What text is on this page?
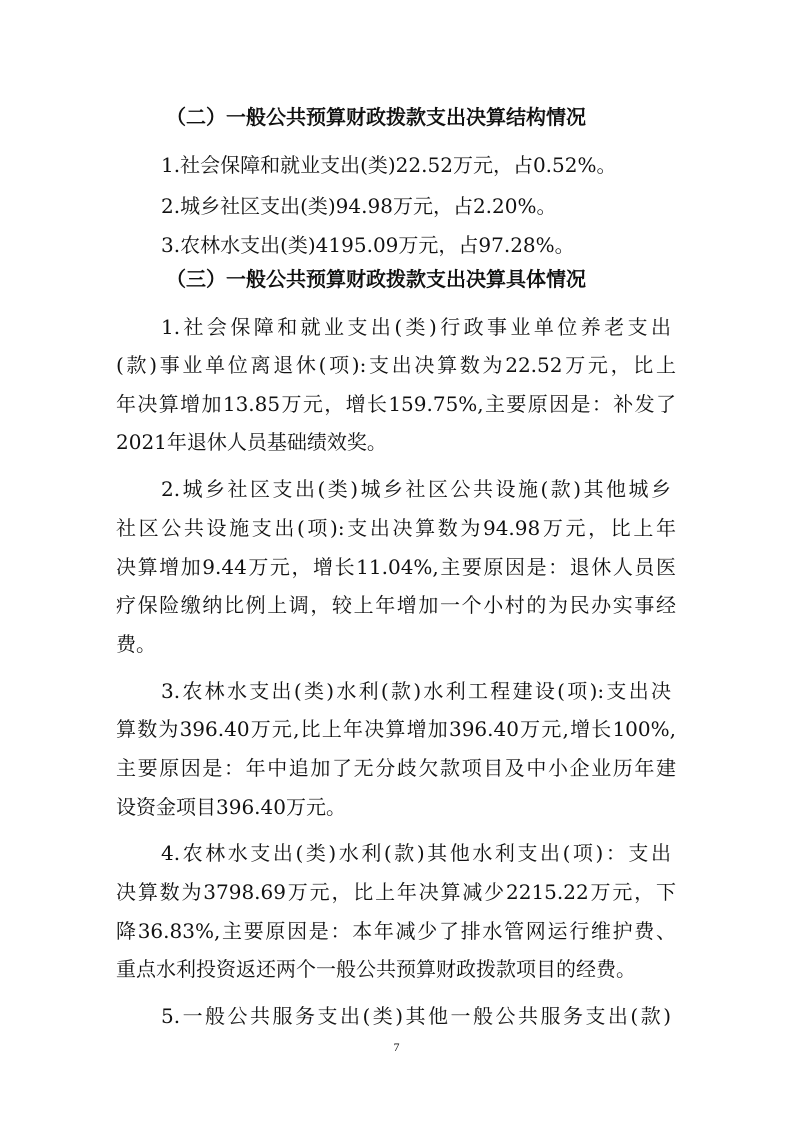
（二）一般公共预算财政拨款支出决算结构情况
1.社会保障和就业支出(类)22.52万元，占0.52%。
2.城乡社区支出(类)94.98万元，占2.20%。
3.农林水支出(类)4195.09万元，占97.28%。
（三）一般公共预算财政拨款支出决算具体情况
1.社会保障和就业支出(类)行政事业单位养老支出
(款)事业单位离退休(项):支出决算数为22.52万元，比上
年决算增加13.85万元，增长159.75%,主要原因是：补发了
2021年退休人员基础绩效奖。
2.城乡社区支出(类)城乡社区公共设施(款)其他城乡
社区公共设施支出(项):支出决算数为94.98万元，比上年
决算增加9.44万元，增长11.04%,主要原因是：退休人员医
疗保险缴纳比例上调，较上年增加一个小村的为民办实事经
费。
3.农林水支出(类)水利(款)水利工程建设(项):支出决
算数为396.40万元,比上年决算增加396.40万元,增长100%,
主要原因是：年中追加了无分歧欠款项目及中小企业历年建
设资金项目396.40万元。
4.农林水支出(类)水利(款)其他水利支出(项)：支出
决算数为3798.69万元，比上年决算减少2215.22万元，下
降36.83%,主要原因是：本年减少了排水管网运行维护费、
重点水利投资返还两个一般公共预算财政拨款项目的经费。
5.一般公共服务支出(类)其他一般公共服务支出(款)
7
